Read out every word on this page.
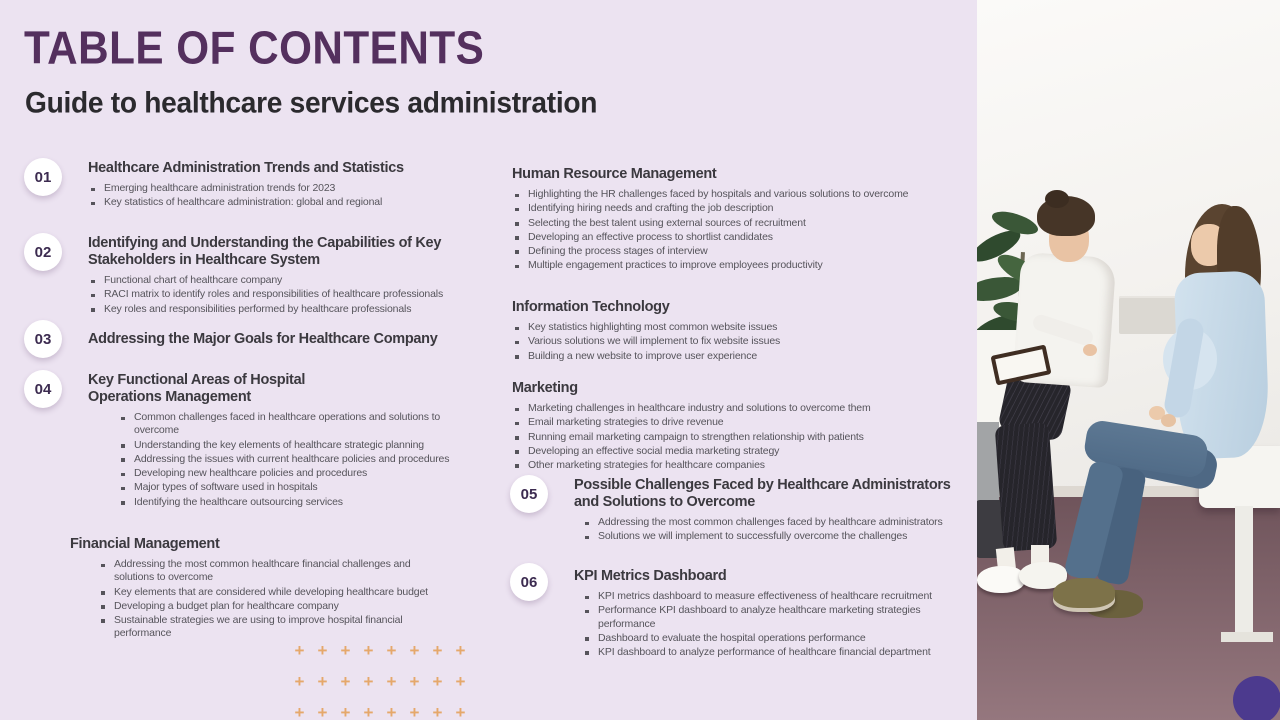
TABLE OF CONTENTS
Guide to healthcare services administration
01
Healthcare Administration Trends and Statistics
Emerging healthcare administration trends for 2023
Key statistics of healthcare administration: global and regional
02
Identifying and Understanding the Capabilities of Key Stakeholders in Healthcare System
Functional chart of healthcare company
RACI matrix to identify roles and responsibilities of healthcare professionals
Key roles and responsibilities performed by healthcare professionals
03	Addressing the Major Goals for Healthcare Company
04
Key Functional Areas of Hospital Operations Management
Common challenges faced in healthcare operations and solutions to overcome
Understanding the key elements of healthcare strategic planning
Addressing the issues with current healthcare policies and procedures
Developing new healthcare policies and procedures
Major types of software used in hospitals
Identifying the healthcare outsourcing services
Financial Management
Addressing the most common healthcare financial challenges and solutions to overcome
Key elements that are considered while developing healthcare budget
Developing a budget plan for healthcare company
Sustainable strategies we are using to improve hospital financial performance
Human Resource Management
Highlighting the HR challenges faced by hospitals and various solutions to overcome
Identifying hiring needs and crafting the job description
Selecting the best talent using external sources of recruitment
Developing an effective process to shortlist candidates
Defining the process stages of interview
Multiple engagement practices to improve employees productivity
Information Technology
Key statistics highlighting most common website issues
Various solutions we will implement to fix website issues
Building a new website to improve user experience
Marketing
Marketing challenges in healthcare industry and solutions to overcome them
Email marketing strategies to drive revenue
Running email marketing campaign to strengthen relationship with patients
Developing an effective social media marketing strategy
Other marketing strategies for healthcare companies
05
Possible Challenges Faced by Healthcare Administrators and Solutions to Overcome
Addressing the most common challenges faced by healthcare administrators
Solutions we will implement to successfully overcome the challenges
06	KPI Metrics Dashboard
KPI metrics dashboard to measure effectiveness of healthcare recruitment
Performance KPI dashboard to analyze healthcare marketing strategies performance
Dashboard to evaluate the hospital operations performance
KPI dashboard to analyze performance of healthcare financial department
+ + + + + + + +
+ + + + + + + +
+ + + + + + + +
